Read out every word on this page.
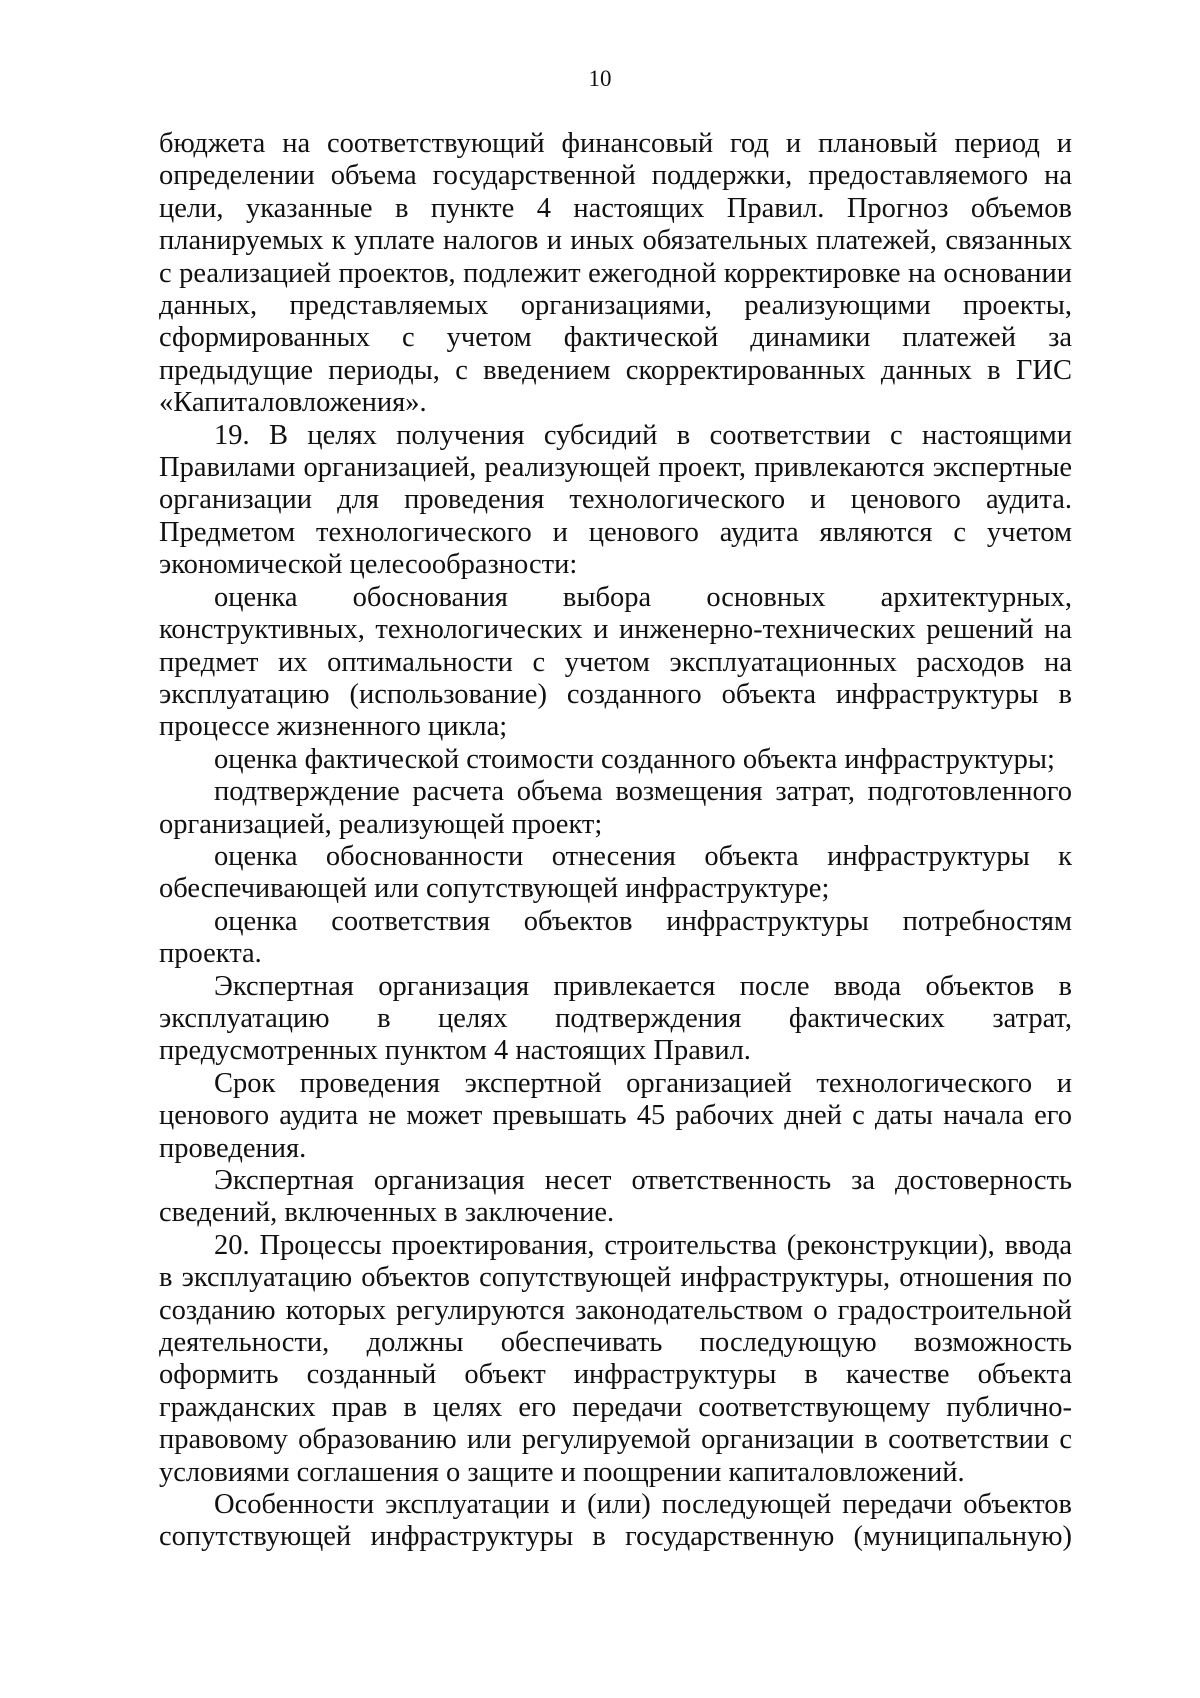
10

бюджета на соответствующий финансовый год и плановый период и определении объема государственной поддержки, предоставляемого на цели, указанные в пункте 4 настоящих Правил. Прогноз объемов планируемых к уплате налогов и иных обязательных платежей, связанных с реализацией проектов, подлежит ежегодной корректировке на основании данных, представляемых организациями, реализующими проекты, сформированных с учетом фактической динамики платежей за предыдущие периоды, с введением скорректированных данных в ГИС «Капиталовложения».

19. В целях получения субсидий в соответствии с настоящими Правилами организацией, реализующей проект, привлекаются экспертные организации для проведения технологического и ценового аудита. Предметом технологического и ценового аудита являются с учетом экономической целесообразности:

оценка обоснования выбора основных архитектурных, конструктивных, технологических и инженерно-технических решений на предмет их оптимальности с учетом эксплуатационных расходов на эксплуатацию (использование) созданного объекта инфраструктуры в процессе жизненного цикла;

оценка фактической стоимости созданного объекта инфраструктуры;

подтверждение расчета объема возмещения затрат, подготовленного организацией, реализующей проект;

оценка обоснованности отнесения объекта инфраструктуры к обеспечивающей или сопутствующей инфраструктуре;

оценка соответствия объектов инфраструктуры потребностям проекта.

Экспертная организация привлекается после ввода объектов в эксплуатацию в целях подтверждения фактических затрат, предусмотренных пунктом 4 настоящих Правил.

Срок проведения экспертной организацией технологического и ценового аудита не может превышать 45 рабочих дней с даты начала его проведения.

Экспертная организация несет ответственность за достоверность сведений, включенных в заключение.

20. Процессы проектирования, строительства (реконструкции), ввода в эксплуатацию объектов сопутствующей инфраструктуры, отношения по созданию которых регулируются законодательством о градостроительной деятельности, должны обеспечивать последующую возможность оформить созданный объект инфраструктуры в качестве объекта гражданских прав в целях его передачи соответствующему публично-правовому образованию или регулируемой организации в соответствии с условиями соглашения о защите и поощрении капиталовложений.

Особенности эксплуатации и (или) последующей передачи объектов сопутствующей инфраструктуры в государственную (муниципальную)
